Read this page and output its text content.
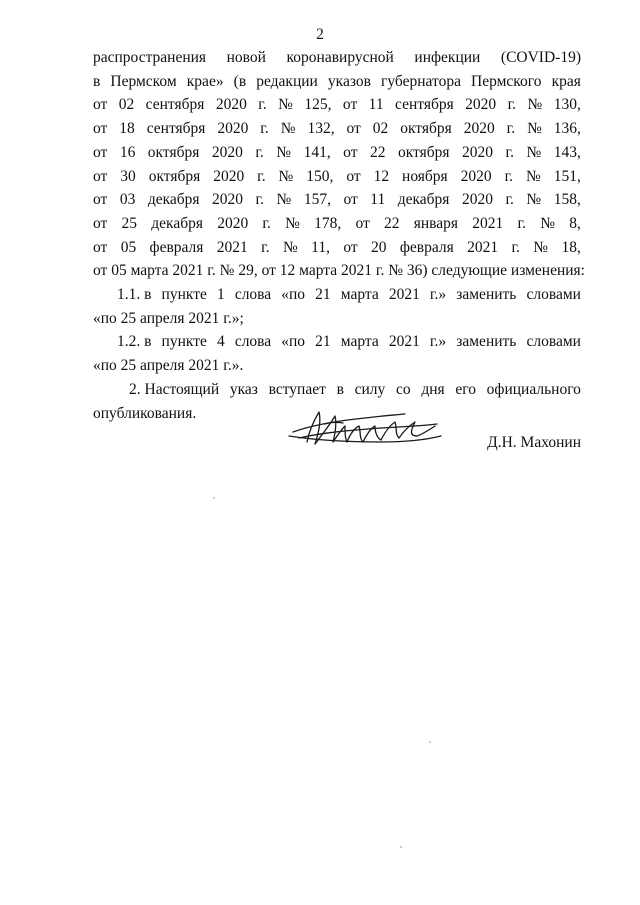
2
распространения новой коронавирусной инфекции (COVID-19)
в Пермском крае» (в редакции указов губернатора Пермского края
от 02 сентября 2020 г. № 125, от 11 сентября 2020 г. № 130,
от 18 сентября 2020 г. № 132, от 02 октября 2020 г. № 136,
от 16 октября 2020 г. № 141, от 22 октября 2020 г. № 143,
от 30 октября 2020 г. № 150, от 12 ноября 2020 г. № 151,
от 03 декабря 2020 г. № 157, от 11 декабря 2020 г. № 158,
от 25 декабря 2020 г. № 178, от 22 января 2021 г. № 8,
от 05 февраля 2021 г. № 11, от 20 февраля 2021 г. № 18,
от 05 марта 2021 г. № 29, от 12 марта 2021 г. № 36) следующие изменения:
1.1. в пункте 1 слова «по 21 марта 2021 г.» заменить словами
«по 25 апреля 2021 г.»;
1.2. в пункте 4 слова «по 21 марта 2021 г.» заменить словами
«по 25 апреля 2021 г.».
2. Настоящий указ вступает в силу со дня его официального
опубликования.
Д.Н. Махонин
